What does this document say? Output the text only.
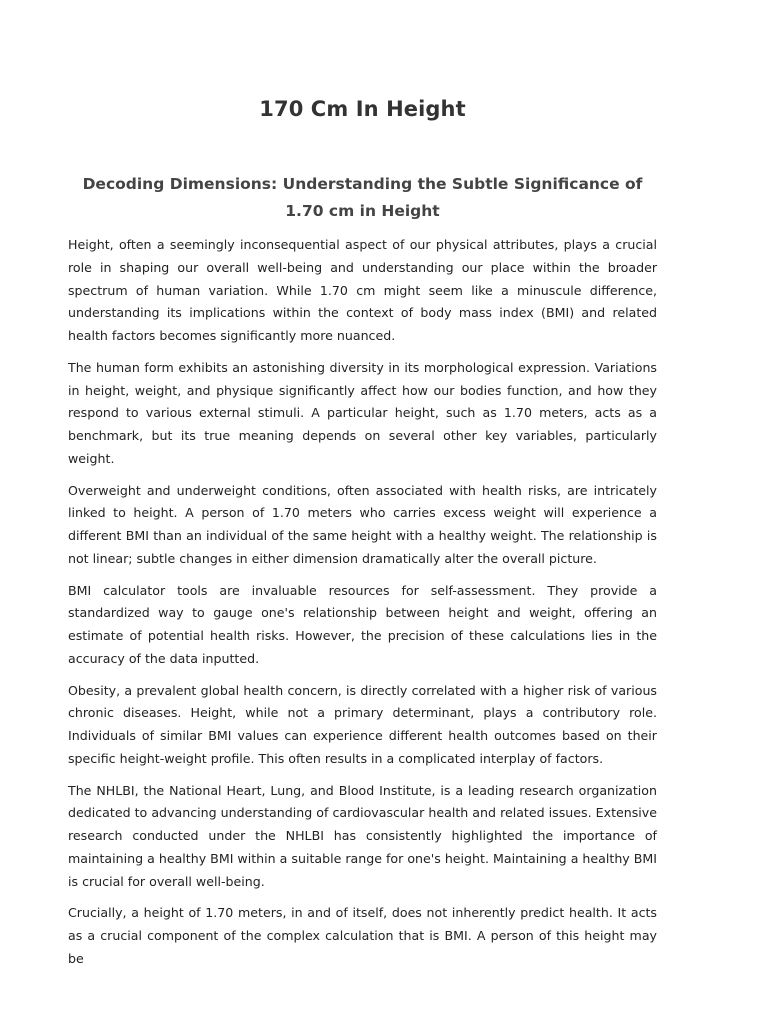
170 Cm In Height
Decoding Dimensions: Understanding the Subtle Significance of 1.70 cm in Height

Height, often a seemingly inconsequential aspect of our physical attributes, plays a crucial role in shaping our overall well-being and understanding our place within the broader spectrum of human variation. While 1.70 cm might seem like a minuscule difference, understanding its implications within the context of body mass index (BMI) and related health factors becomes significantly more nuanced.

The human form exhibits an astonishing diversity in its morphological expression. Variations in height, weight, and physique significantly affect how our bodies function, and how they respond to various external stimuli. A particular height, such as 1.70 meters, acts as a benchmark, but its true meaning depends on several other key variables, particularly weight.

Overweight and underweight conditions, often associated with health risks, are intricately linked to height. A person of 1.70 meters who carries excess weight will experience a different BMI than an individual of the same height with a healthy weight. The relationship is not linear; subtle changes in either dimension dramatically alter the overall picture.

BMI calculator tools are invaluable resources for self-assessment. They provide a standardized way to gauge one's relationship between height and weight, offering an estimate of potential health risks. However, the precision of these calculations lies in the accuracy of the data inputted.

Obesity, a prevalent global health concern, is directly correlated with a higher risk of various chronic diseases. Height, while not a primary determinant, plays a contributory role. Individuals of similar BMI values can experience different health outcomes based on their specific height-weight profile. This often results in a complicated interplay of factors.

The NHLBI, the National Heart, Lung, and Blood Institute, is a leading research organization dedicated to advancing understanding of cardiovascular health and related issues. Extensive research conducted under the NHLBI has consistently highlighted the importance of maintaining a healthy BMI within a suitable range for one's height. Maintaining a healthy BMI is crucial for overall well-being.

Crucially, a height of 1.70 meters, in and of itself, does not inherently predict health. It acts as a crucial component of the complex calculation that is BMI. A person of this height may be
